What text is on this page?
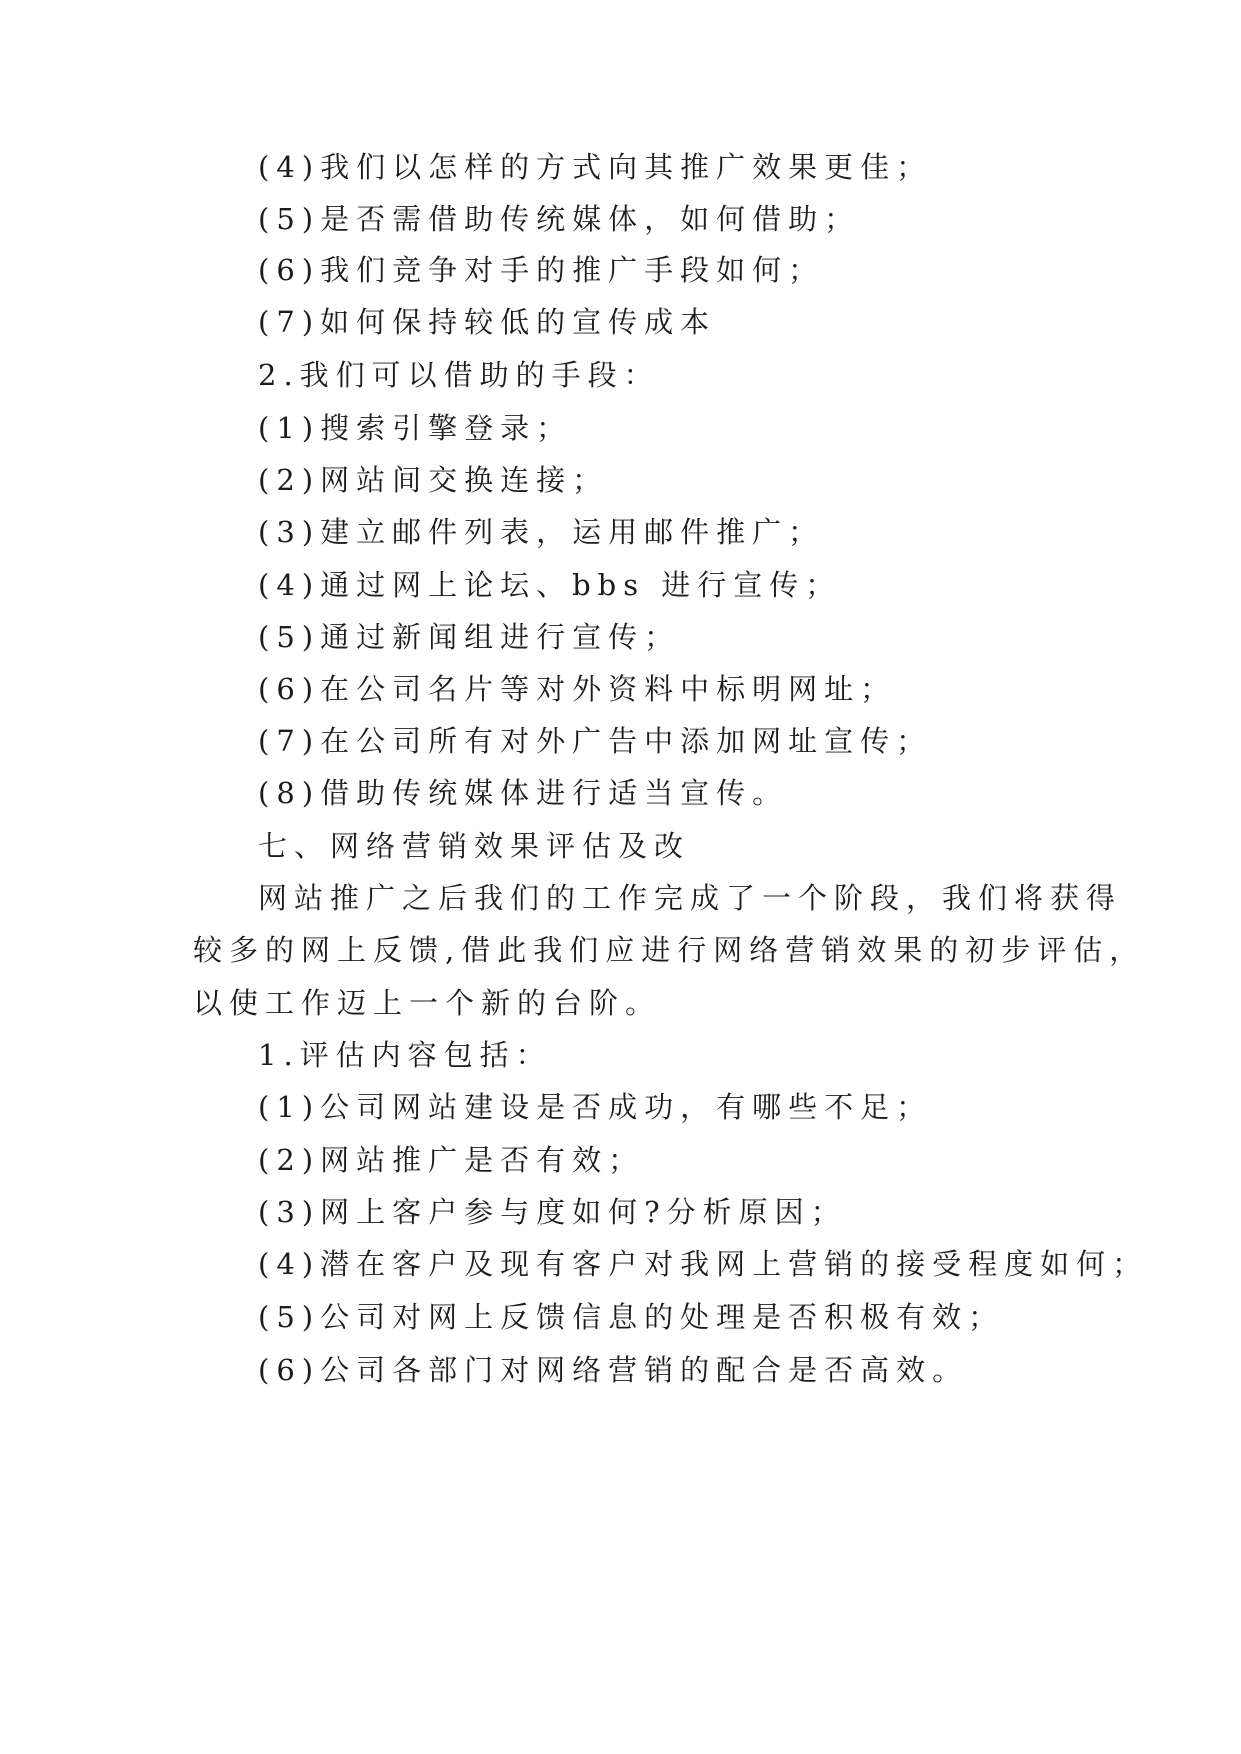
(4)我们以怎样的方式向其推广效果更佳；
(5)是否需借助传统媒体，如何借助；
(6)我们竞争对手的推广手段如何；
(7)如何保持较低的宣传成本
2.我们可以借助的手段：
(1)搜索引擎登录；
(2)网站间交换连接；
(3)建立邮件列表，运用邮件推广；
(4)通过网上论坛、bbs 进行宣传；
(5)通过新闻组进行宣传；
(6)在公司名片等对外资料中标明网址；
(7)在公司所有对外广告中添加网址宣传；
(8)借助传统媒体进行适当宣传。
七、网络营销效果评估及改
网站推广之后我们的工作完成了一个阶段，我们将获得
较多的网上反馈,借此我们应进行网络营销效果的初步评估，
以使工作迈上一个新的台阶。
1.评估内容包括：
(1)公司网站建设是否成功，有哪些不足；
(2)网站推广是否有效；
(3)网上客户参与度如何?分析原因；
(4)潜在客户及现有客户对我网上营销的接受程度如何；
(5)公司对网上反馈信息的处理是否积极有效；
(6)公司各部门对网络营销的配合是否高效。
